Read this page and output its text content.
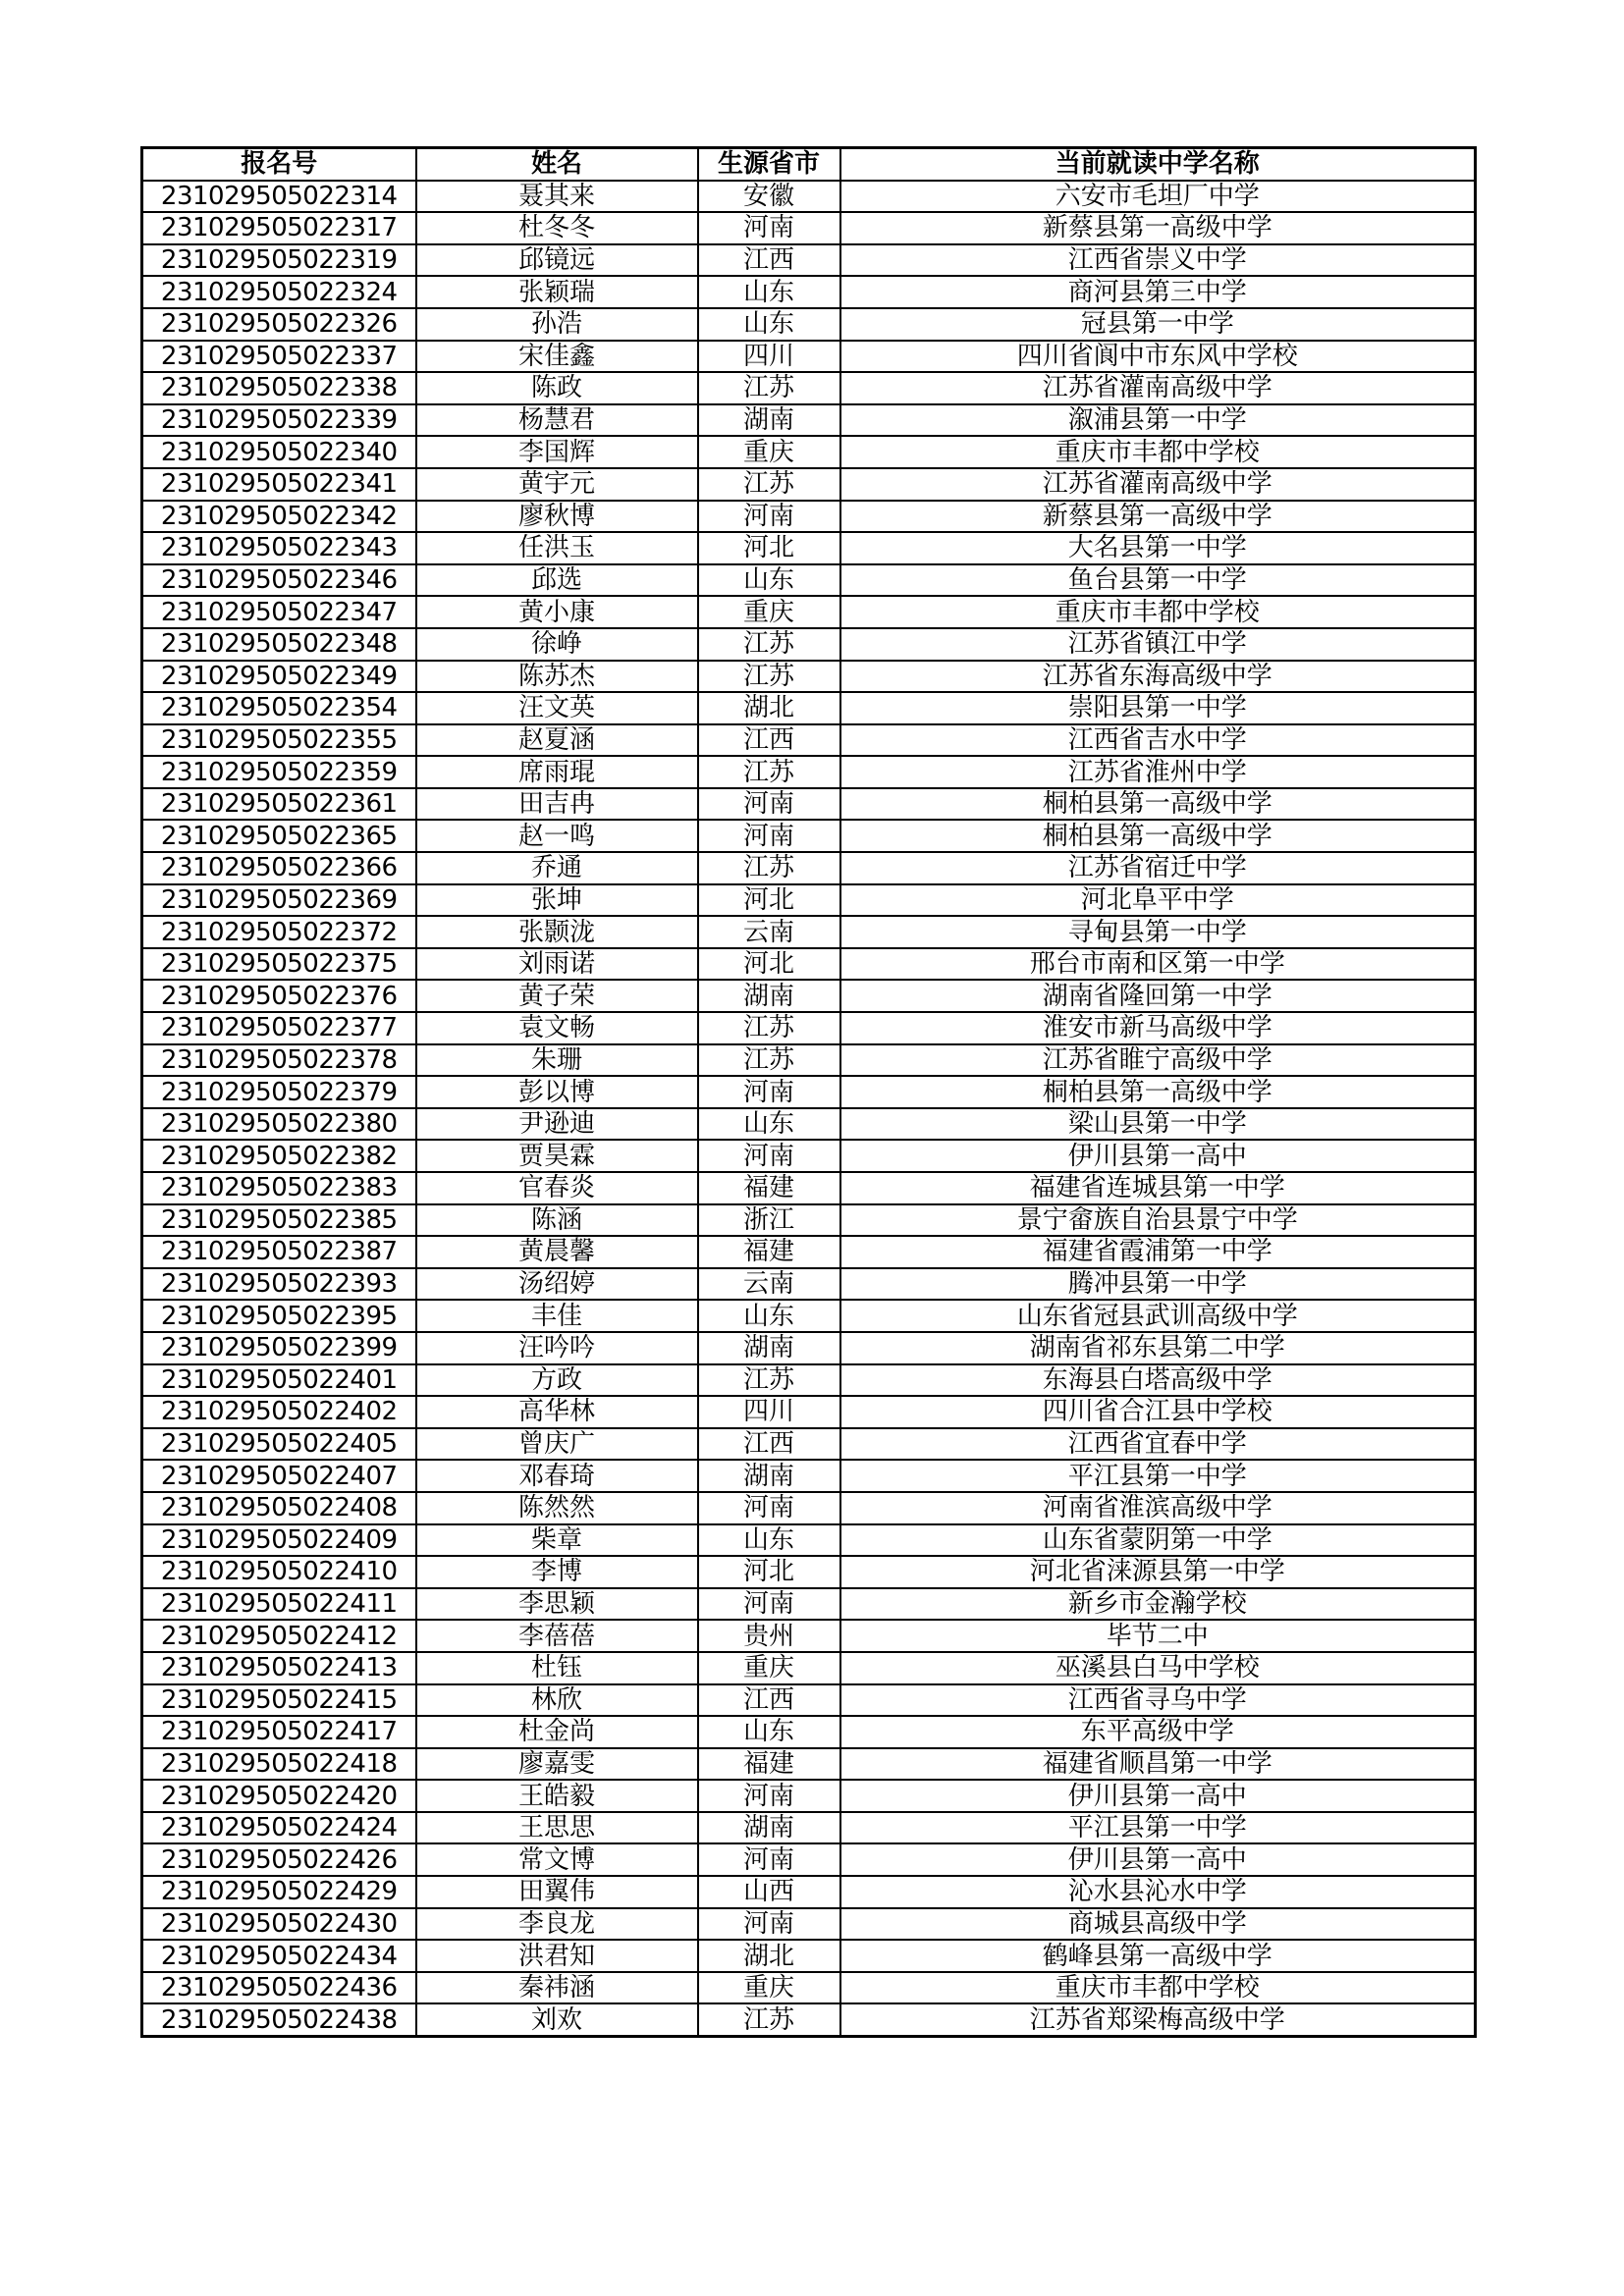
报名号	姓名	生源省市	当前就读中学名称
231029505022314	聂其来	安徽	六安市毛坦厂中学
231029505022317	杜冬冬	河南	新蔡县第一高级中学
231029505022319	邱镜远	江西	江西省崇义中学
231029505022324	张颖瑞	山东	商河县第三中学
231029505022326	孙浩	山东	冠县第一中学
231029505022337	宋佳鑫	四川	四川省阆中市东风中学校
231029505022338	陈政	江苏	江苏省灌南高级中学
231029505022339	杨慧君	湖南	溆浦县第一中学
231029505022340	李国辉	重庆	重庆市丰都中学校
231029505022341	黄宇元	江苏	江苏省灌南高级中学
231029505022342	廖秋博	河南	新蔡县第一高级中学
231029505022343	任洪玉	河北	大名县第一中学
231029505022346	邱选	山东	鱼台县第一中学
231029505022347	黄小康	重庆	重庆市丰都中学校
231029505022348	徐峥	江苏	江苏省镇江中学
231029505022349	陈苏杰	江苏	江苏省东海高级中学
231029505022354	汪文英	湖北	崇阳县第一中学
231029505022355	赵夏涵	江西	江西省吉水中学
231029505022359	席雨琨	江苏	江苏省淮州中学
231029505022361	田吉冉	河南	桐柏县第一高级中学
231029505022365	赵一鸣	河南	桐柏县第一高级中学
231029505022366	乔通	江苏	江苏省宿迁中学
231029505022369	张坤	河北	河北阜平中学
231029505022372	张颢泷	云南	寻甸县第一中学
231029505022375	刘雨诺	河北	邢台市南和区第一中学
231029505022376	黄子荣	湖南	湖南省隆回第一中学
231029505022377	袁文畅	江苏	淮安市新马高级中学
231029505022378	朱珊	江苏	江苏省睢宁高级中学
231029505022379	彭以博	河南	桐柏县第一高级中学
231029505022380	尹逊迪	山东	梁山县第一中学
231029505022382	贾昊霖	河南	伊川县第一高中
231029505022383	官春炎	福建	福建省连城县第一中学
231029505022385	陈涵	浙江	景宁畲族自治县景宁中学
231029505022387	黄晨馨	福建	福建省霞浦第一中学
231029505022393	汤绍婷	云南	腾冲县第一中学
231029505022395	丰佳	山东	山东省冠县武训高级中学
231029505022399	汪吟吟	湖南	湖南省祁东县第二中学
231029505022401	方政	江苏	东海县白塔高级中学
231029505022402	高华林	四川	四川省合江县中学校
231029505022405	曾庆广	江西	江西省宜春中学
231029505022407	邓春琦	湖南	平江县第一中学
231029505022408	陈然然	河南	河南省淮滨高级中学
231029505022409	柴章	山东	山东省蒙阴第一中学
231029505022410	李博	河北	河北省涞源县第一中学
231029505022411	李思颖	河南	新乡市金瀚学校
231029505022412	李蓓蓓	贵州	毕节二中
231029505022413	杜钰	重庆	巫溪县白马中学校
231029505022415	林欣	江西	江西省寻乌中学
231029505022417	杜金尚	山东	东平高级中学
231029505022418	廖嘉雯	福建	福建省顺昌第一中学
231029505022420	王皓毅	河南	伊川县第一高中
231029505022424	王思思	湖南	平江县第一中学
231029505022426	常文博	河南	伊川县第一高中
231029505022429	田翼伟	山西	沁水县沁水中学
231029505022430	李良龙	河南	商城县高级中学
231029505022434	洪君知	湖北	鹤峰县第一高级中学
231029505022436	秦祎涵	重庆	重庆市丰都中学校
231029505022438	刘欢	江苏	江苏省郑梁梅高级中学
